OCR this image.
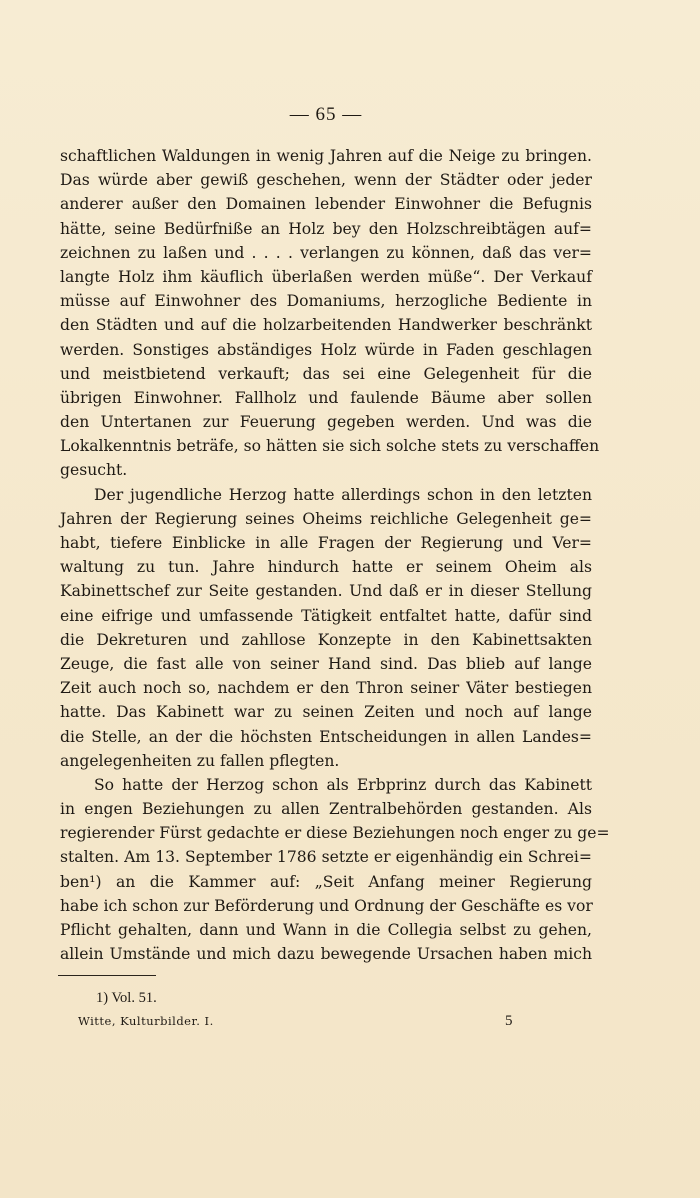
— 65 —
schaftlichen Waldungen in wenig Jahren auf die Neige zu bringen.
Das würde aber gewiß geschehen, wenn der Städter oder jeder
anderer außer den Domainen lebender Einwohner die Befugnis
hätte, seine Bedürfniße an Holz bey den Holzschreibtägen auf=
zeichnen zu laßen und . . . . verlangen zu können, daß das ver=
langte Holz ihm käuflich überlaßen werden müße“. Der Verkauf
müsse auf Einwohner des Domaniums, herzogliche Bediente in
den Städten und auf die holzarbeitenden Handwerker beschränkt
werden. Sonstiges abständiges Holz würde in Faden geschlagen
und meistbietend verkauft; das sei eine Gelegenheit für die
übrigen Einwohner. Fallholz und faulende Bäume aber sollen
den Untertanen zur Feuerung gegeben werden. Und was die
Lokalkenntnis beträfe, so hätten sie sich solche stets zu verschaffen
gesucht.
Der jugendliche Herzog hatte allerdings schon in den letzten
Jahren der Regierung seines Oheims reichliche Gelegenheit ge=
habt, tiefere Einblicke in alle Fragen der Regierung und Ver=
waltung zu tun. Jahre hindurch hatte er seinem Oheim als
Kabinettschef zur Seite gestanden. Und daß er in dieser Stellung
eine eifrige und umfassende Tätigkeit entfaltet hatte, dafür sind
die Dekreturen und zahllose Konzepte in den Kabinettsakten
Zeuge, die fast alle von seiner Hand sind. Das blieb auf lange
Zeit auch noch so, nachdem er den Thron seiner Väter bestiegen
hatte. Das Kabinett war zu seinen Zeiten und noch auf lange
die Stelle, an der die höchsten Entscheidungen in allen Landes=
angelegenheiten zu fallen pflegten.
So hatte der Herzog schon als Erbprinz durch das Kabinett
in engen Beziehungen zu allen Zentralbehörden gestanden. Als
regierender Fürst gedachte er diese Beziehungen noch enger zu ge=
stalten. Am 13. September 1786 setzte er eigenhändig ein Schrei=
ben¹) an die Kammer auf: „Seit Anfang meiner Regierung
habe ich schon zur Beförderung und Ordnung der Geschäfte es vor
Pflicht gehalten, dann und Wann in die Collegia selbst zu gehen,
allein Umstände und mich dazu bewegende Ursachen haben mich
1) Vol. 51.
Witte, Kulturbilder. I.	5
